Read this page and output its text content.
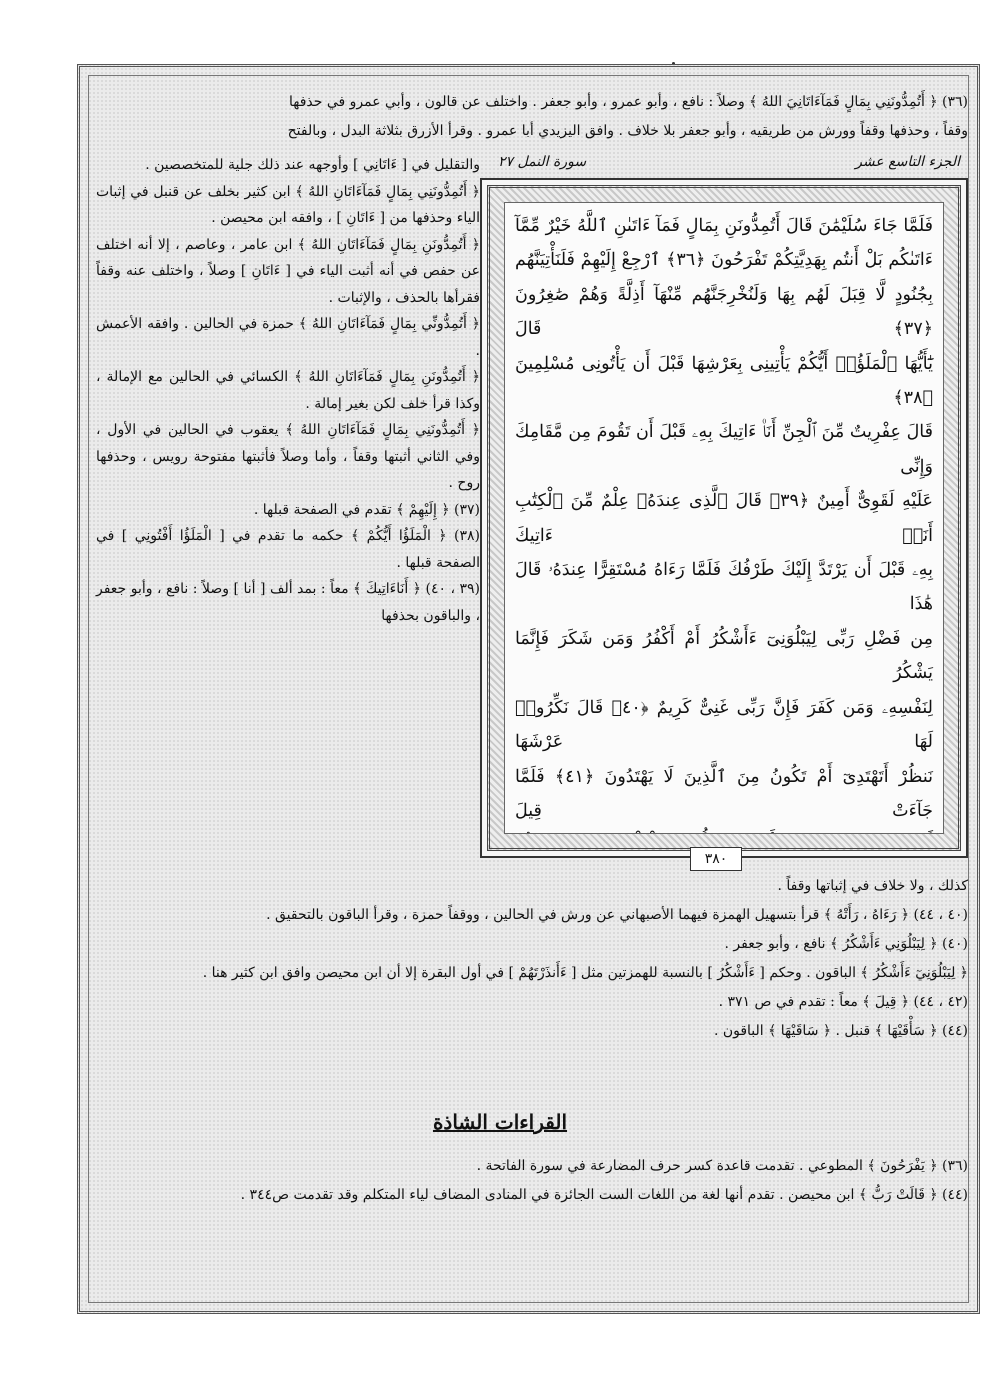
(٣٦) ﴿ أَتُمِدُّونَنِي بِمَالٍ فَمَآءَاتَانِيَ اللهُ ﴾ وصلاً : نافع ، وأبو عمرو ، وأبو جعفر . واختلف عن قالون ، وأبي عمرو في حذفها

وقفاً ، وحذفها وقفاً وورش من طريقيه ، وأبو جعفر بلا خلاف . وافق اليزيدي أبا عمرو . وقرأ الأزرق بثلاثة البدل ، وبالفتح

الجزء التاسع عشر
سورة النمل ٢٧

والتقليل في [ ءَاتَانِي ] وأوجهه عند ذلك جلية للمتخصصين .

﴿ أَتُمِدُّونَنِي بِمَالٍ فَمَآءَاتَانِ اللهُ ﴾ ابن كثير بخلف عن قنبل في إثبات الياء وحذفها من [ ءَاتَانِ ] ، وافقه ابن محيصن .

﴿ أَتُمِدُّونَنِ بِمَالٍ فَمَآءَاتَانِ اللهُ ﴾ ابن عامر ، وعاصم ، إلا أنه اختلف عن حفص في أنه أثبت الياء في [ ءَاتَانِ ] وصلاً ، واختلف عنه وقفاً فقرأها بالحذف ، والإثبات .

﴿ أَتُمِدُّونِّي بِمَالٍ فَمَآءَاتَانِ اللهُ ﴾ حمزة في الحالين . وافقه الأعمش .

﴿ أَتُمِدُّونَنِ بِمَالٍ فَمَآءَاتَانِ اللهُ ﴾ الكسائي في الحالين مع الإمالة ، وكذا قرأ خلف لكن بغير إمالة .

﴿ أَتُمِدُّونَنِي بِمَالٍ فَمَآءَاتَانِ اللهُ ﴾ يعقوب في الحالين في الأول ، وفي الثاني أثبتها وقفاً ، وأما وصلاً فأثبتها مفتوحة رويس ، وحذفها روح .

(٣٧) ﴿ إِلَيْهِمْ ﴾ تقدم في الصفحة قبلها .

(٣٨) ﴿ الْمَلَؤُا أَيُّكُمْ ﴾ حكمه ما تقدم في [ الْمَلَؤُا أَفْتُونِي ] في الصفحة قبلها .

(٣٩ ، ٤٠) ﴿ أَنَاءَاتِيكَ ﴾ معاً : بمد ألف [ أنا ] وصلاً : نافع ، وأبو جعفر ، والباقون بحذفها

فَلَمَّا جَاءَ سُلَيْمَٰنَ قَالَ أَتُمِدُّونَنِ بِمَالٍ فَمَآ ءَاتَىٰنِ ٱللَّهُ خَيْرٌ مِّمَّآ
ءَاتَىٰكُم بَلْ أَنتُم بِهَدِيَّتِكُمْ تَفْرَحُونَ ﴿٣٦﴾ ٱرْجِعْ إِلَيْهِمْ فَلَنَأْتِيَنَّهُم
بِجُنُودٍ لَّا قِبَلَ لَهُم بِهَا وَلَنُخْرِجَنَّهُم مِّنْهَآ أَذِلَّةً وَهُمْ صَٰغِرُونَ ﴿٣٧﴾ قَالَ
يَٰٓأَيُّهَا ٱلْمَلَؤُا۟ أَيُّكُمْ يَأْتِينِى بِعَرْشِهَا قَبْلَ أَن يَأْتُونِى مُسْلِمِينَ ﴿٣٨﴾
قَالَ عِفْرِيتٌ مِّنَ ٱلْجِنِّ أَنَا۠ ءَاتِيكَ بِهِۦ قَبْلَ أَن تَقُومَ مِن مَّقَامِكَ وَإِنِّى
عَلَيْهِ لَقَوِىٌّ أَمِينٌ ﴿٣٩﴾ قَالَ ٱلَّذِى عِندَهُۥ عِلْمٌ مِّنَ ٱلْكِتَٰبِ أَنَا۠ ءَاتِيكَ
بِهِۦ قَبْلَ أَن يَرْتَدَّ إِلَيْكَ طَرْفُكَ فَلَمَّا رَءَاهُ مُسْتَقِرًّا عِندَهُۥ قَالَ هَٰذَا
مِن فَضْلِ رَبِّى لِيَبْلُوَنِىٓ ءَأَشْكُرُ أَمْ أَكْفُرُ وَمَن شَكَرَ فَإِنَّمَا يَشْكُرُ
لِنَفْسِهِۦ وَمَن كَفَرَ فَإِنَّ رَبِّى غَنِىٌّ كَرِيمٌ ﴿٤٠﴾ قَالَ نَكِّرُوا۟ لَهَا عَرْشَهَا
نَنظُرْ أَتَهْتَدِىٓ أَمْ تَكُونُ مِنَ ٱلَّذِينَ لَا يَهْتَدُونَ ﴿٤١﴾ فَلَمَّا جَآءَتْ قِيلَ
٣٨٠

كذلك ، ولا خلاف في إثباتها وقفاً .

(٤٠ ، ٤٤) ﴿ رَءَاهُ ، رَأَتْهُ ﴾ قرأ بتسهيل الهمزة فيهما الأصبهاني عن ورش في الحالين ، ووقفاً حمزة ، وقرأ الباقون بالتحقيق .

(٤٠) ﴿ لِيَبْلُوَنِي ءَأَشْكُرُ ﴾ نافع ، وأبو جعفر .

﴿ لِيَبْلُوَنِيٓ ءَأَشْكُرُ ﴾ الباقون . وحكم [ ءَأَشْكُرُ ] بالنسبة للهمزتين مثل [ ءَأَنذَرْتَهُمْ ] في أول البقرة إلا أن ابن محيصن وافق ابن كثير هنا .

(٤٢ ، ٤٤) ﴿ قِيلَ ﴾ معاً : تقدم في ص ٣٧١ .

(٤٤) ﴿ سَأْقَيْهَا ﴾ قنبل . ﴿ سَاقَيْهَا ﴾ الباقون .

القراءات الشاذة

(٣٦) ﴿ يَفْرَحُونَ ﴾ المطوعي . تقدمت قاعدة كسر حرف المضارعة في سورة الفاتحة .

(٤٤) ﴿ قَالَتْ رَبُّ ﴾ ابن محيصن . تقدم أنها لغة من اللغات الست الجائزة في المنادى المضاف لياء المتكلم وقد تقدمت ص٣٤٤ .
